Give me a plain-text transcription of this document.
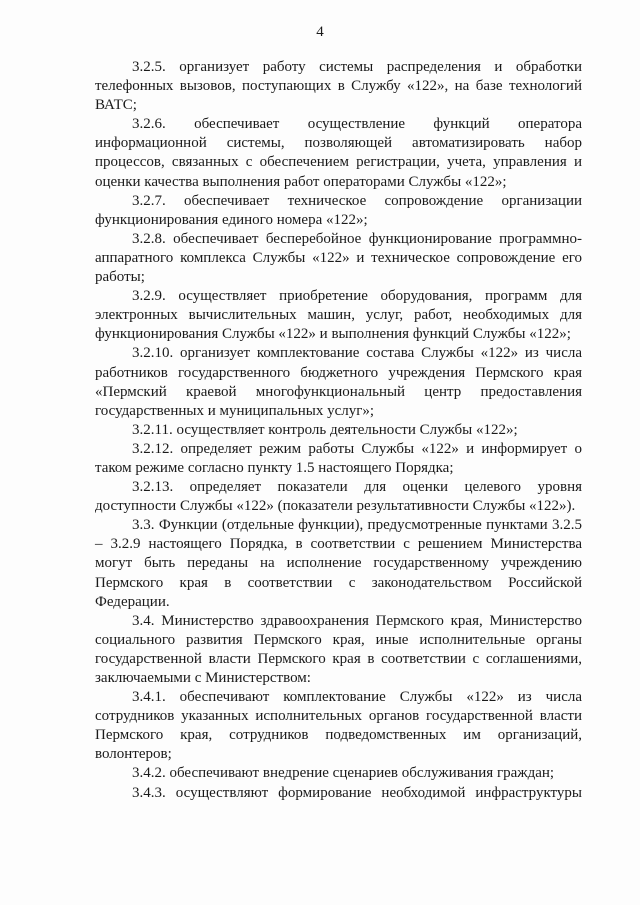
4

3.2.5. организует работу системы распределения и обработки телефонных вызовов, поступающих в Службу «122», на базе технологий ВАТС;

3.2.6. обеспечивает осуществление функций оператора информационной системы, позволяющей автоматизировать набор процессов, связанных с обеспечением регистрации, учета, управления и оценки качества выполнения работ операторами Службы «122»;

3.2.7. обеспечивает техническое сопровождение организации функционирования единого номера «122»;

3.2.8. обеспечивает бесперебойное функционирование программно-аппаратного комплекса Службы «122» и техническое сопровождение его работы;

3.2.9. осуществляет приобретение оборудования, программ для электронных вычислительных машин, услуг, работ, необходимых для функционирования Службы «122» и выполнения функций Службы «122»;

3.2.10. организует комплектование состава Службы «122» из числа работников государственного бюджетного учреждения Пермского края «Пермский краевой многофункциональный центр предоставления государственных и муниципальных услуг»;

3.2.11. осуществляет контроль деятельности Службы «122»;

3.2.12. определяет режим работы Службы «122» и информирует о таком режиме согласно пункту 1.5 настоящего Порядка;

3.2.13. определяет показатели для оценки целевого уровня доступности Службы «122» (показатели результативности Службы «122»).

3.3. Функции (отдельные функции), предусмотренные пунктами 3.2.5 – 3.2.9 настоящего Порядка, в соответствии с решением Министерства могут быть переданы на исполнение государственному учреждению Пермского края в соответствии с законодательством Российской Федерации.

3.4. Министерство здравоохранения Пермского края, Министерство социального развития Пермского края, иные исполнительные органы государственной власти Пермского края в соответствии с соглашениями, заключаемыми с Министерством:

3.4.1. обеспечивают комплектование Службы «122» из числа сотрудников указанных исполнительных органов государственной власти Пермского края, сотрудников подведомственных им организаций, волонтеров;

3.4.2. обеспечивают внедрение сценариев обслуживания граждан;

3.4.3. осуществляют формирование необходимой инфраструктуры
